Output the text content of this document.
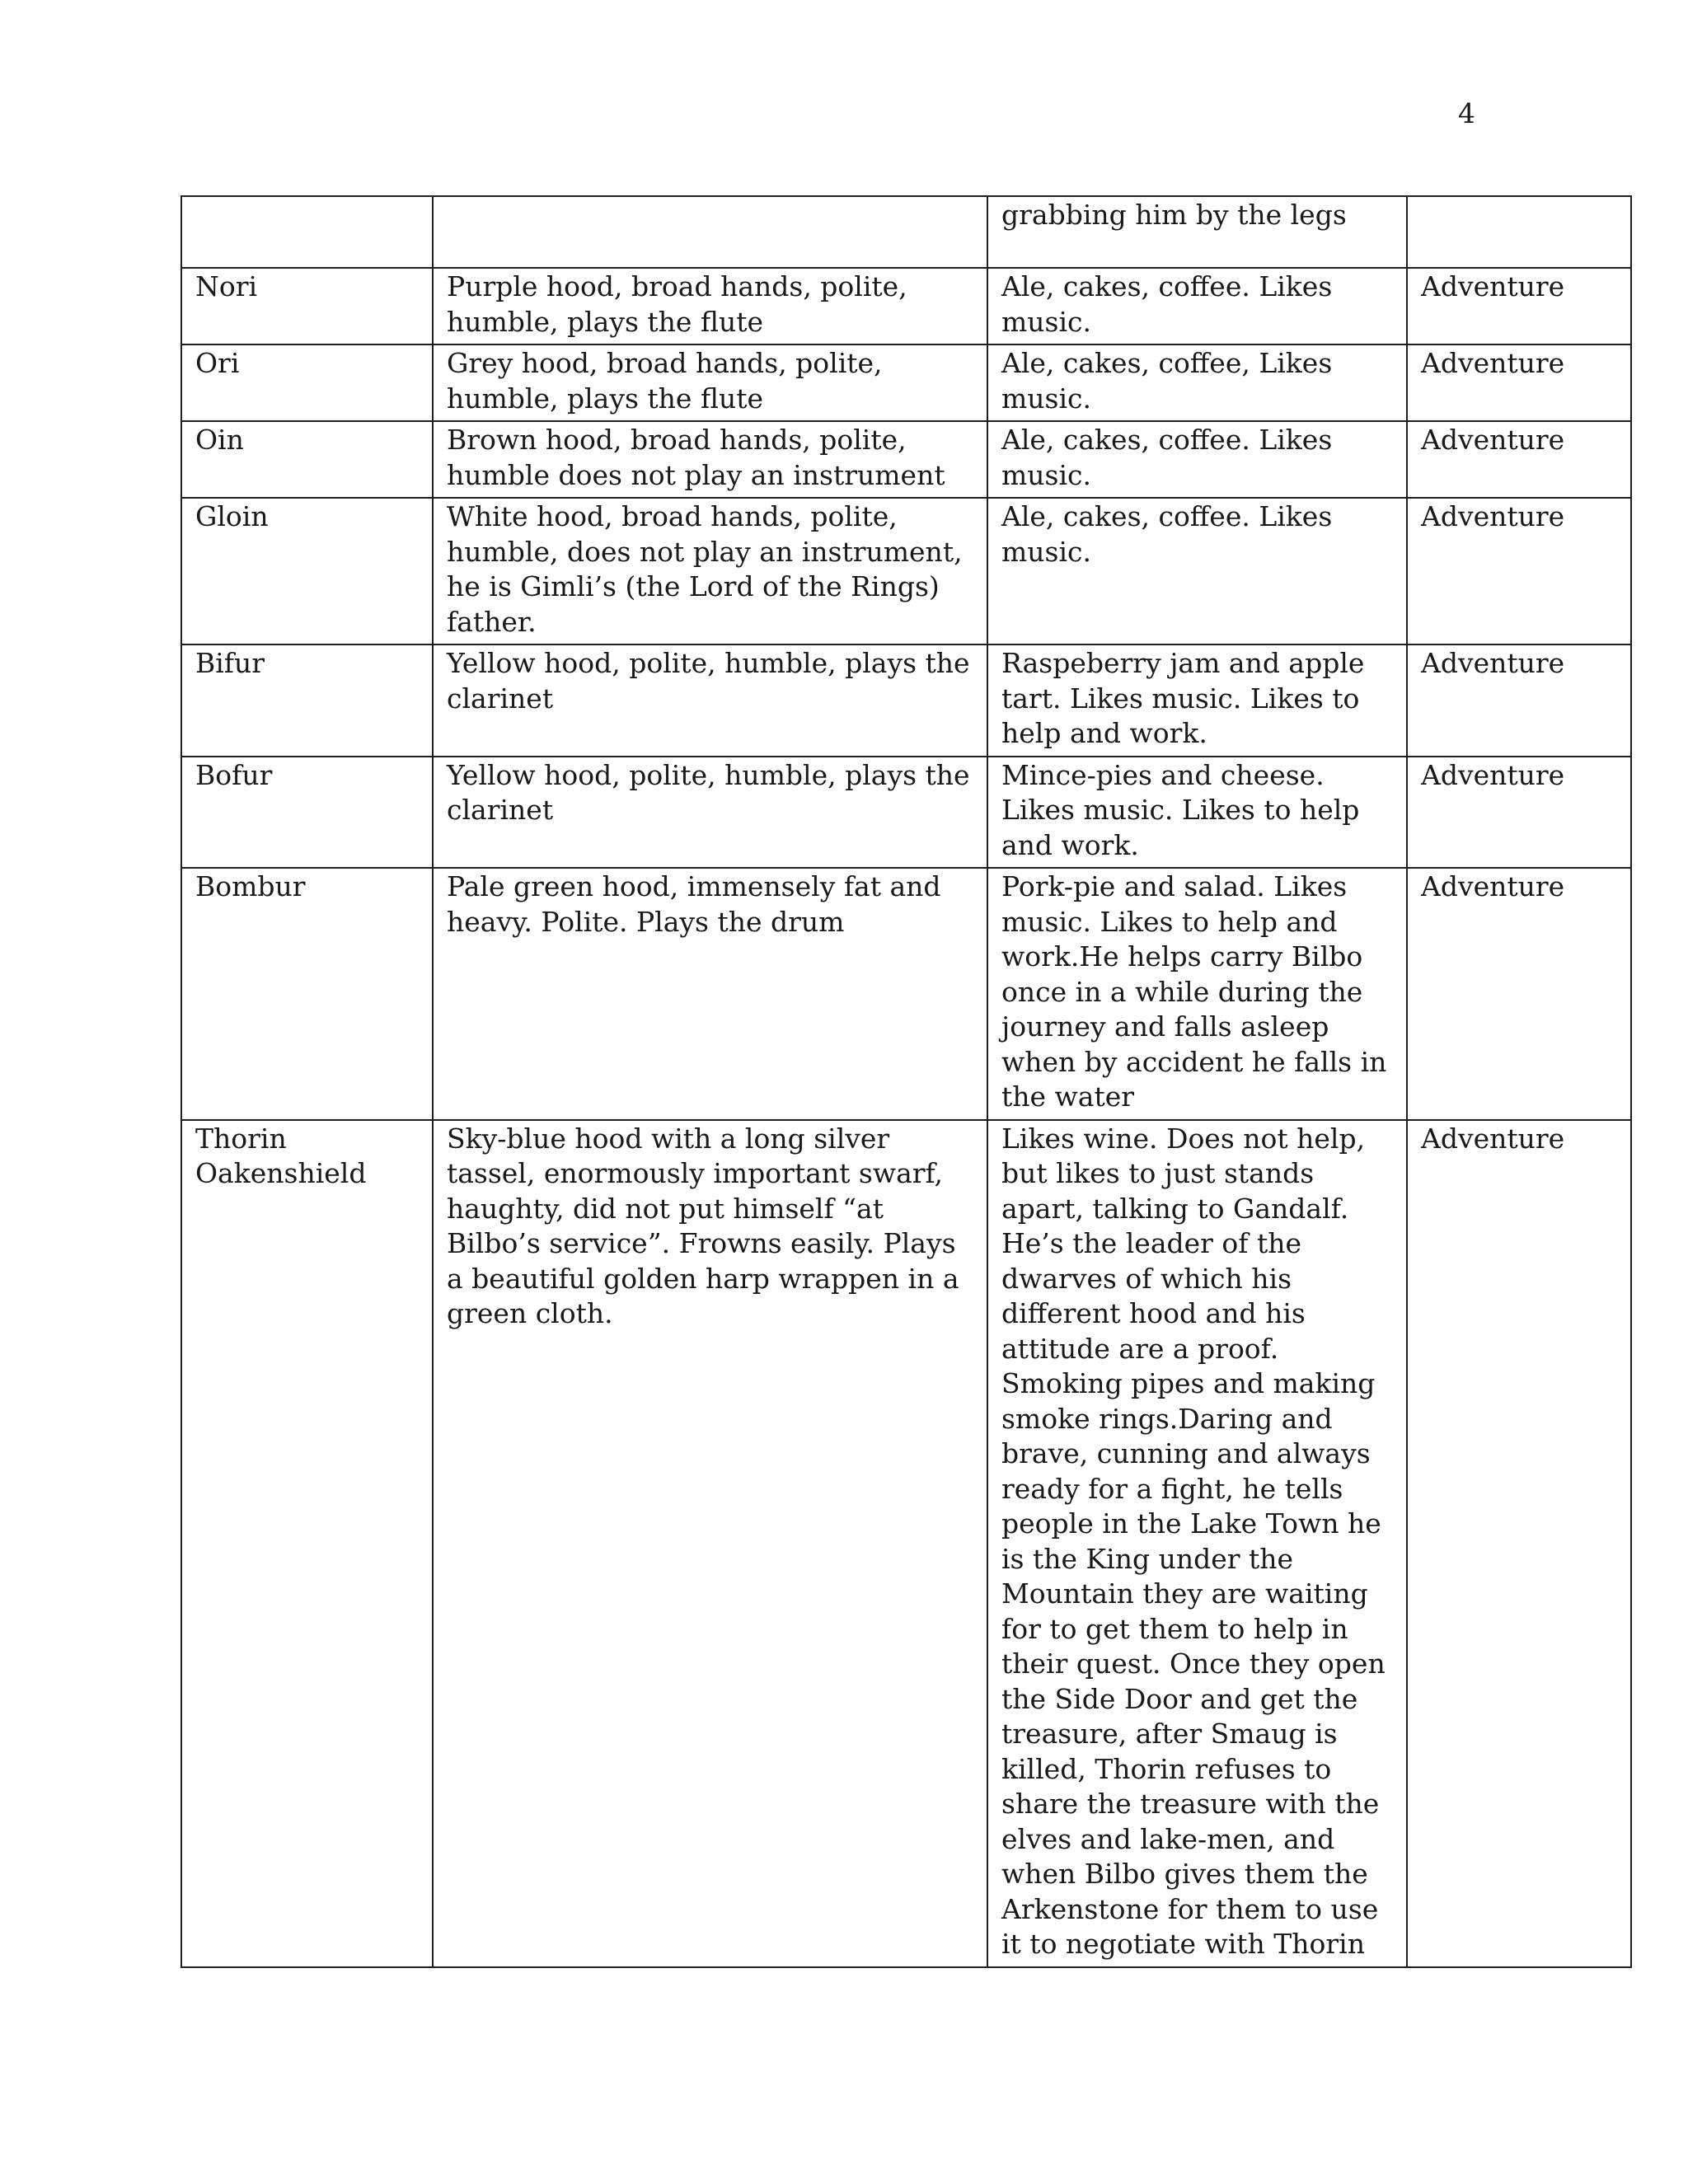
4
		grabbing him by the legs	
Nori	Purple hood, broad hands, polite, humble, plays the flute	Ale, cakes, coffee. Likes music.	Adventure
Ori	Grey hood, broad hands, polite, humble, plays the flute	Ale, cakes, coffee, Likes music.	Adventure
Oin	Brown hood, broad hands, polite, humble does not play an instrument	Ale, cakes, coffee. Likes music.	Adventure
Gloin	White hood, broad hands, polite, humble, does not play an instrument, he is Gimli’s (the Lord of the Rings) father.	Ale, cakes, coffee. Likes music.	Adventure
Bifur	Yellow hood, polite, humble, plays the clarinet	Raspeberry jam and apple tart. Likes music. Likes to help and work.	Adventure
Bofur	Yellow hood, polite, humble, plays the clarinet	Mince-pies and cheese. Likes music. Likes to help and work.	Adventure
Bombur	Pale green hood, immensely fat and heavy. Polite. Plays the drum	Pork-pie and salad. Likes music. Likes to help and work.He helps carry Bilbo once in a while during the journey and falls asleep when by accident he falls in the water	Adventure
Thorin Oakenshield	Sky-blue hood with a long silver tassel, enormously important swarf, haughty, did not put himself “at Bilbo’s service”. Frowns easily. Plays a beautiful golden harp wrappen in a green cloth.	Likes wine. Does not help, but likes to just stands apart, talking to Gandalf. He’s the leader of the dwarves of which his different hood and his attitude are a proof. Smoking pipes and making smoke rings.Daring and brave, cunning and always ready for a fight, he tells people in the Lake Town he is the King under the Mountain they are waiting for to get them to help in their quest. Once they open the Side Door and get the treasure, after Smaug is killed, Thorin refuses to share the treasure with the elves and lake-men, and when Bilbo gives them the Arkenstone for them to use it to negotiate with Thorin	Adventure
